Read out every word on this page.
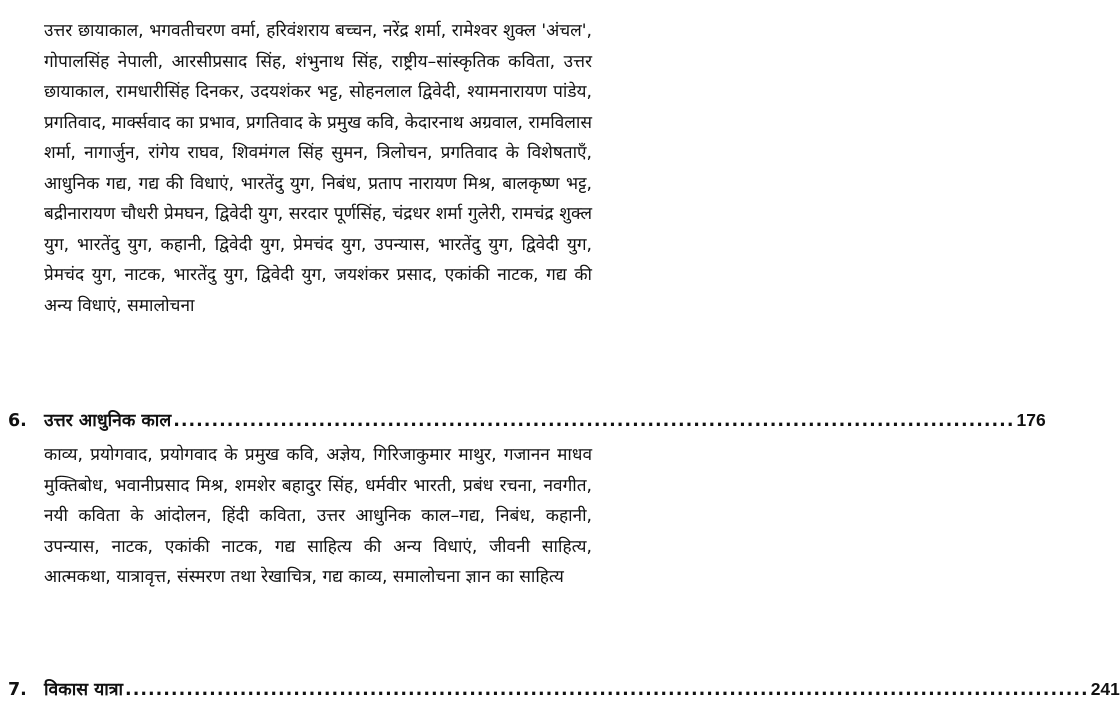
उत्तर छायाकाल, भगवतीचरण वर्मा, हरिवंशराय बच्चन, नरेंद्र शर्मा, रामेश्वर शुक्ल 'अंचल', गोपालसिंह नेपाली, आरसीप्रसाद सिंह, शंभुनाथ सिंह, राष्ट्रीय–सांस्कृतिक कविता, उत्तर छायाकाल, रामधारीसिंह दिनकर, उदयशंकर भट्ट, सोहनलाल द्विवेदी, श्यामनारायण पांडेय, प्रगतिवाद, मार्क्सवाद का प्रभाव, प्रगतिवाद के प्रमुख कवि, केदारनाथ अग्रवाल, रामविलास शर्मा, नागार्जुन, रांगेय राघव, शिवमंगल सिंह सुमन, त्रिलोचन, प्रगतिवाद के विशेषताएँ, आधुनिक गद्य, गद्य की विधाएं, भारतेंदु युग, निबंध, प्रताप नारायण मिश्र, बालकृष्ण भट्ट, बद्रीनारायण चौधरी प्रेमघन, द्विवेदी युग, सरदार पूर्णसिंह, चंद्रधर शर्मा गुलेरी, रामचंद्र शुक्ल युग, भारतेंदु युग, कहानी, द्विवेदी युग, प्रेमचंद युग, उपन्यास, भारतेंदु युग, द्विवेदी युग, प्रेमचंद युग, नाटक, भारतेंदु युग, द्विवेदी युग, जयशंकर प्रसाद, एकांकी नाटक, गद्य की अन्य विधाएं, समालोचना

6. उत्तर आधुनिक काल .............................................................................................................. 176

काव्य, प्रयोगवाद, प्रयोगवाद के प्रमुख कवि, अज्ञेय, गिरिजाकुमार माथुर, गजानन माधव मुक्तिबोध, भवानीप्रसाद मिश्र, शमशेर बहादुर सिंह, धर्मवीर भारती, प्रबंध रचना, नवगीत, नयी कविता के आंदोलन, हिंदी कविता, उत्तर आधुनिक काल–गद्य, निबंध, कहानी, उपन्यास, नाटक, एकांकी नाटक, गद्य साहित्य की अन्य विधाएं, जीवनी साहित्य, आत्मकथा, यात्रावृत्त, संस्मरण तथा रेखाचित्र, गद्य काव्य, समालोचना ज्ञान का साहित्य

7. विकास यात्रा .............................................................................................................................. 241
